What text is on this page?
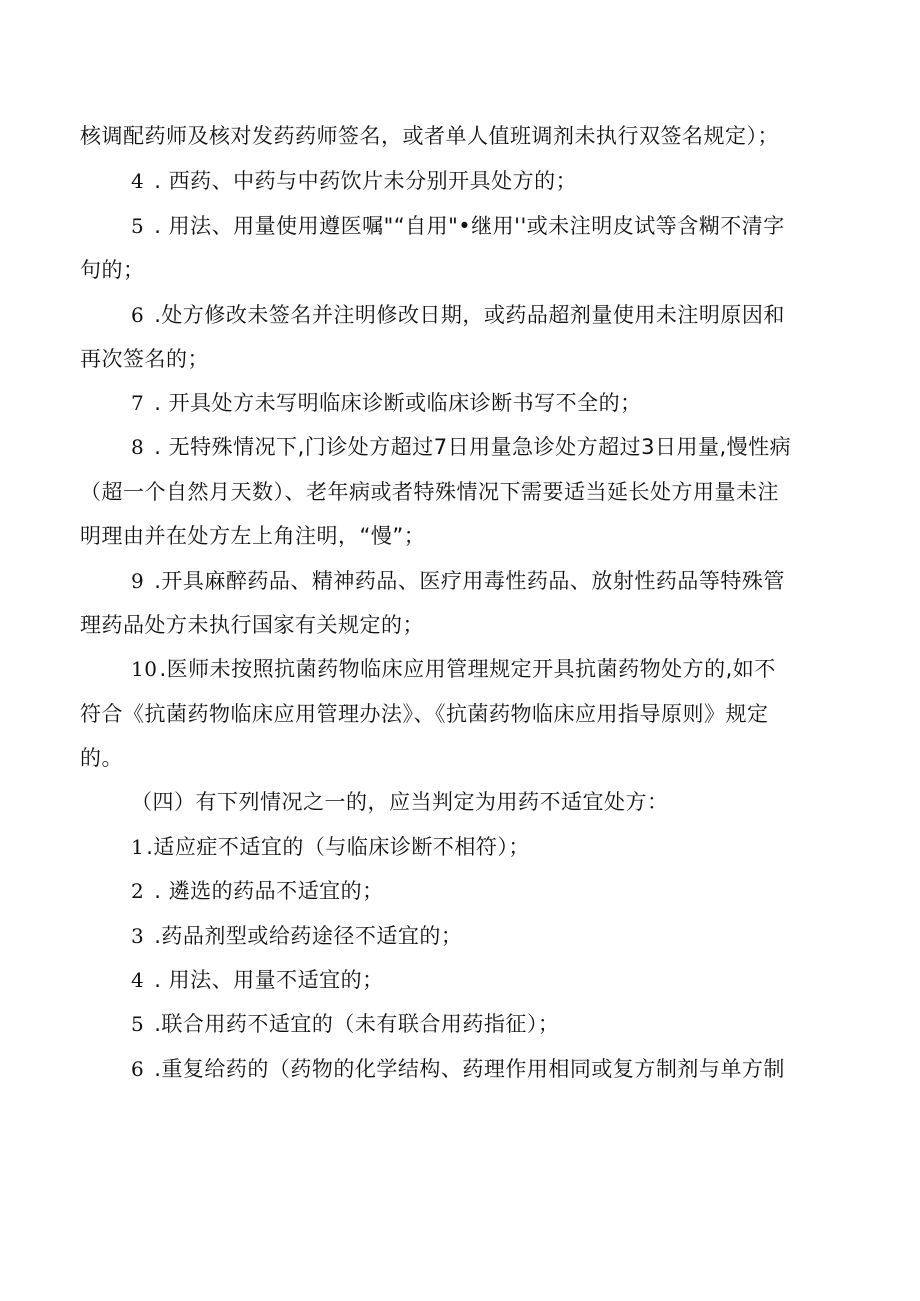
核调配药师及核对发药药师签名，或者单人值班调剂未执行双签名规定）；
4 . 西药、中药与中药饮片未分别开具处方的；
5 . 用法、用量使用遵医嘱"“自用"•继用''或未注明皮试等含糊不清字
句的；
6 .处方修改未签名并注明修改日期，或药品超剂量使用未注明原因和
再次签名的；
7 . 开具处方未写明临床诊断或临床诊断书写不全的；
8 . 无特殊情况下,门诊处方超过7日用量急诊处方超过3日用量,慢性病
（超一个自然月天数）、老年病或者特殊情况下需要适当延长处方用量未注
明理由并在处方左上角注明，“慢”；
9 .开具麻醉药品、精神药品、医疗用毒性药品、放射性药品等特殊管
理药品处方未执行国家有关规定的；
10.医师未按照抗菌药物临床应用管理规定开具抗菌药物处方的,如不
符合《抗菌药物临床应用管理办法》、《抗菌药物临床应用指导原则》规定
的。
（四）有下列情况之一的，应当判定为用药不适宜处方：
1.适应症不适宜的（与临床诊断不相符）；
2 . 遴选的药品不适宜的；
3 .药品剂型或给药途径不适宜的；
4 . 用法、用量不适宜的；
5 .联合用药不适宜的（未有联合用药指征）；
6 .重复给药的（药物的化学结构、药理作用相同或复方制剂与单方制
